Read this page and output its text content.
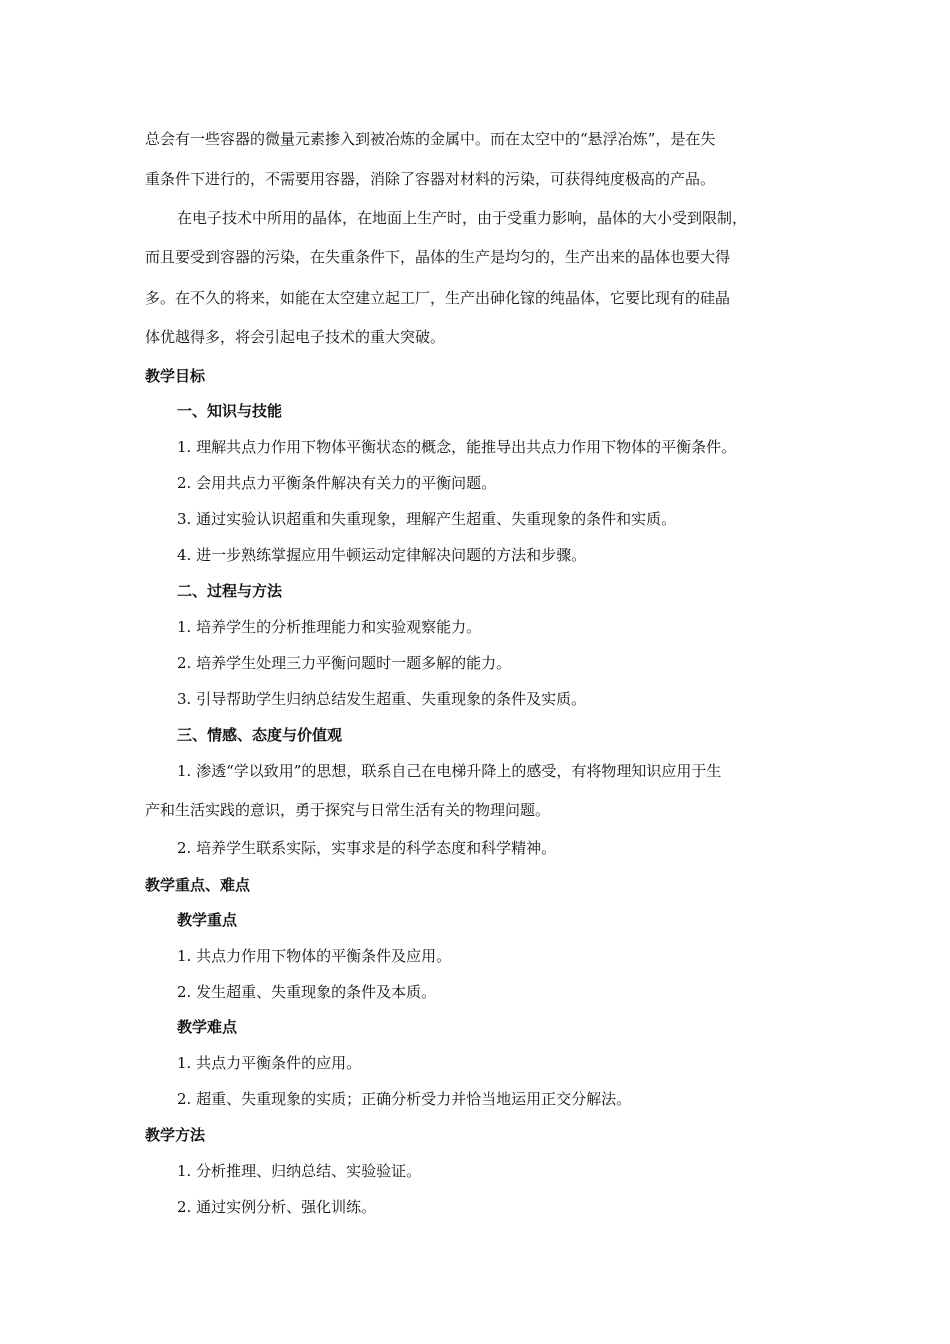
总会有一些容器的微量元素掺入到被冶炼的金属中。而在太空中的“悬浮冶炼”，是在失
重条件下进行的，不需要用容器，消除了容器对材料的污染，可获得纯度极高的产品。
在电子技术中所用的晶体，在地面上生产时，由于受重力影响，晶体的大小受到限制，
而且要受到容器的污染，在失重条件下，晶体的生产是均匀的，生产出来的晶体也要大得
多。在不久的将来，如能在太空建立起工厂，生产出砷化镓的纯晶体，它要比现有的硅晶
体优越得多，将会引起电子技术的重大突破。
教学目标
一、知识与技能
1. 理解共点力作用下物体平衡状态的概念，能推导出共点力作用下物体的平衡条件。
2. 会用共点力平衡条件解决有关力的平衡问题。
3. 通过实验认识超重和失重现象，理解产生超重、失重现象的条件和实质。
4. 进一步熟练掌握应用牛顿运动定律解决问题的方法和步骤。
二、过程与方法
1. 培养学生的分析推理能力和实验观察能力。
2. 培养学生处理三力平衡问题时一题多解的能力。
3. 引导帮助学生归纳总结发生超重、失重现象的条件及实质。
三、情感、态度与价值观
1. 渗透“学以致用”的思想，联系自己在电梯升降上的感受，有将物理知识应用于生
产和生活实践的意识，勇于探究与日常生活有关的物理问题。
2. 培养学生联系实际，实事求是的科学态度和科学精神。
教学重点、难点
教学重点
1. 共点力作用下物体的平衡条件及应用。
2. 发生超重、失重现象的条件及本质。
教学难点
1. 共点力平衡条件的应用。
2. 超重、失重现象的实质；正确分析受力并恰当地运用正交分解法。
教学方法
1. 分析推理、归纳总结、实验验证。
2. 通过实例分析、强化训练。
